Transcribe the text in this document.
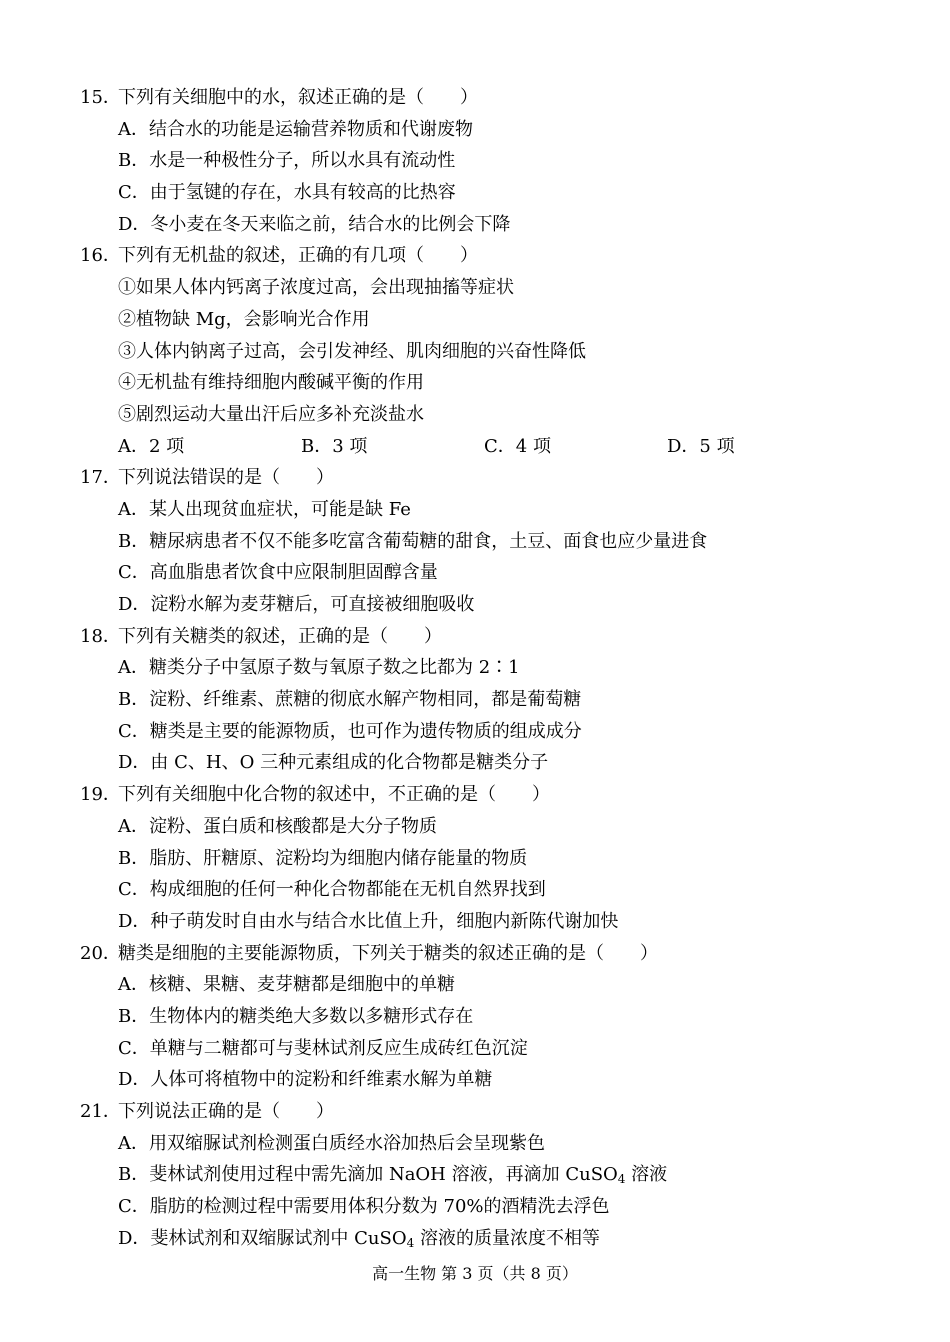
15．下列有关细胞中的水，叙述正确的是（　　）
A．结合水的功能是运输营养物质和代谢废物
B．水是一种极性分子，所以水具有流动性
C．由于氢键的存在，水具有较高的比热容
D．冬小麦在冬天来临之前，结合水的比例会下降
16．下列有无机盐的叙述，正确的有几项（　　）
①如果人体内钙离子浓度过高，会出现抽搐等症状
②植物缺 Mg，会影响光合作用
③人体内钠离子过高，会引发神经、肌肉细胞的兴奋性降低
④无机盐有维持细胞内酸碱平衡的作用
⑤剧烈运动大量出汗后应多补充淡盐水
A．2 项	B．3 项	C．4 项	D．5 项
17．下列说法错误的是（　　）
A．某人出现贫血症状，可能是缺 Fe
B．糖尿病患者不仅不能多吃富含葡萄糖的甜食，土豆、面食也应少量进食
C．高血脂患者饮食中应限制胆固醇含量
D．淀粉水解为麦芽糖后，可直接被细胞吸收
18．下列有关糖类的叙述，正确的是（　　）
A．糖类分子中氢原子数与氧原子数之比都为 2∶1
B．淀粉、纤维素、蔗糖的彻底水解产物相同，都是葡萄糖
C．糖类是主要的能源物质，也可作为遗传物质的组成成分
D．由 C、H、O 三种元素组成的化合物都是糖类分子
19．下列有关细胞中化合物的叙述中，不正确的是（　　）
A．淀粉、蛋白质和核酸都是大分子物质
B．脂肪、肝糖原、淀粉均为细胞内储存能量的物质
C．构成细胞的任何一种化合物都能在无机自然界找到
D．种子萌发时自由水与结合水比值上升，细胞内新陈代谢加快
20．糖类是细胞的主要能源物质，下列关于糖类的叙述正确的是（　　）
A．核糖、果糖、麦芽糖都是细胞中的单糖
B．生物体内的糖类绝大多数以多糖形式存在
C．单糖与二糖都可与斐林试剂反应生成砖红色沉淀
D．人体可将植物中的淀粉和纤维素水解为单糖
21．下列说法正确的是（　　）
A．用双缩脲试剂检测蛋白质经水浴加热后会呈现紫色
B．斐林试剂使用过程中需先滴加 NaOH 溶液，再滴加 CuSO$_4$ 溶液
C．脂肪的检测过程中需要用体积分数为 70%的酒精洗去浮色
D．斐林试剂和双缩脲试剂中 CuSO$_4$ 溶液的质量浓度不相等
高一生物 第 3 页（共 8 页）
